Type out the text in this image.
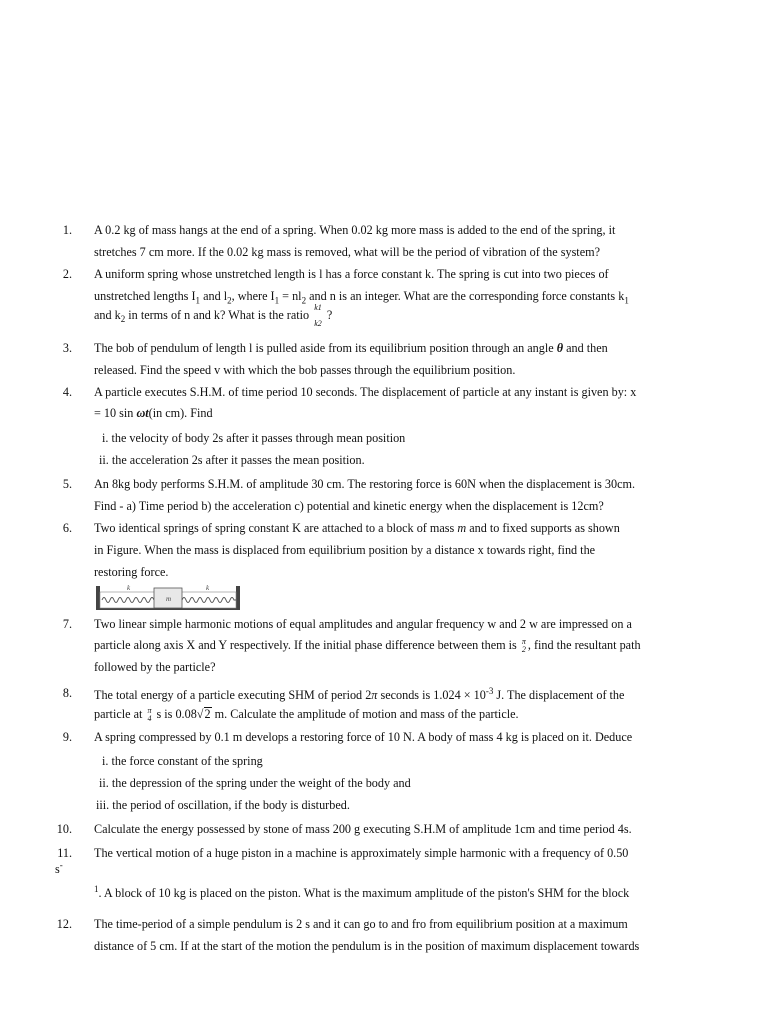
1. A 0.2 kg of mass hangs at the end of a spring. When 0.02 kg more mass is added to the end of the spring, it
stretches 7 cm more. If the 0.02 kg mass is removed, what will be the period of vibration of the system?
2. A uniform spring whose unstretched length is l has a force constant k. The spring is cut into two pieces of
unstretched lengths $I_1$ and $l_2$, where $I_1 = nl_2$ and n is an integer. What are the corresponding force constants $k_1$
and $k_2$ in terms of n and k? What is the ratio
k1
k2
?
3. The bob of pendulum of length l is pulled aside from its equilibrium position through an angle θ and then
released. Find the speed v with which the bob passes through the equilibrium position.
4. A particle executes S.H.M. of time period 10 seconds. The displacement of particle at any instant is given by: x
= 10 sin ωt(in cm). Find
i. the velocity of body 2s after it passes through mean position
ii. the acceleration 2s after it passes the mean position.
5. An 8kg body performs S.H.M. of amplitude 30 cm. The restoring force is 60N when the displacement is 30cm.
Find - a) Time period b) the acceleration c) potential and kinetic energy when the displacement is 12cm?
6. Two identical springs of spring constant K are attached to a block of mass m and to fixed supports as shown
in Figure. When the mass is displaced from equilibrium position by a distance x towards right, find the
restoring force.
k
m
k
7. Two linear simple harmonic motions of equal amplitudes and angular frequency w and 2 w are impressed on a
particle along axis X and Y respectively. If the initial phase difference between them is π
2 , find the resultant path
followed by the particle?
8. The total energy of a particle executing SHM of period 2π seconds is $1.024 \times 10^{-3}$ J. The displacement of the
particle at π
4 s is 0.08√2 m. Calculate the amplitude of motion and mass of the particle.
9. A spring compressed by 0.1 m develops a restoring force of 10 N. A body of mass 4 kg is placed on it. Deduce
i. the force constant of the spring
ii. the depression of the spring under the weight of the body and
iii. the period of oscillation, if the body is disturbed.
10. Calculate the energy possessed by stone of mass 200 g executing S.H.M of amplitude 1cm and time period 4s.
11.
s-
The vertical motion of a huge piston in a machine is approximately simple harmonic with a frequency of 0.50
$^1$. A block of 10 kg is placed on the piston. What is the maximum amplitude of the piston's SHM for the block
12. The time-period of a simple pendulum is 2 s and it can go to and fro from equilibrium position at a maximum
distance of 5 cm. If at the start of the motion the pendulum is in the position of maximum displacement towards
